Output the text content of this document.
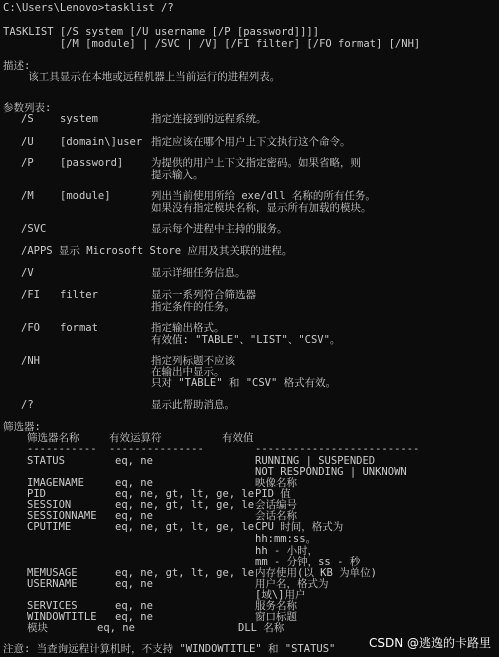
C:\Users\Lenovo>tasklist /?
TASKLIST [/S system [/U username [/P [password]]]]
[/M [module] | /SVC | /V] [/FI filter] [/FO format] [/NH]
描述:
该工具显示在本地或远程机器上当前运行的进程列表。
参数列表:
/S	system	指定连接到的远程系统。
/U	[domain\]user 指定应该在哪个用户上下文执行这个命令。
/P	[password]	为提供的用户上下文指定密码。如果省略，则
提示输入。
/M	[module]	列出当前使用所给 exe/dll 名称的所有任务。
如果没有指定模块名称，显示所有加载的模块。
/SVC	显示每个进程中主持的服务。
/APPS 显示 Microsoft Store 应用及其关联的进程。
/V	显示详细任务信息。
/FI filter	显示一系列符合筛选器
指定条件的任务。
/FO format	指定输出格式。
有效值: "TABLE"、"LIST"、"CSV"。
/NH	指定列标题不应该
在输出中显示。
只对 "TABLE" 和 "CSV" 格式有效。
/?	显示此帮助消息。
筛选器:
筛选器名称	有效运算符	有效值
----------- ---------------	--------------------------
STATUS	eq, ne	RUNNING | SUSPENDED
NOT RESPONDING | UNKNOWN
IMAGENAME	eq, ne	映像名称
PID	eq, ne, gt, lt, ge, le PID 值
SESSION	eq, ne, gt, lt, ge, le 会话编号
SESSIONNAME eq, ne	会话名称
CPUTIME	eq, ne, gt, lt, ge, le CPU 时间，格式为
hh:mm:ss。
hh - 小时，
mm - 分钟，ss - 秒
MEMUSAGE	eq, ne, gt, lt, ge, le 内存使用(以 KB 为单位)
USERNAME	eq, ne	用户名，格式为
[域\]用户
SERVICES	eq, ne	服务名称
WINDOWTITLE eq, ne	窗口标题
模块	eq, ne	DLL 名称
注意: 当查询远程计算机时，不支持 "WINDOWTITLE" 和 "STATUS"	CSDN @逃逸的卡路里
